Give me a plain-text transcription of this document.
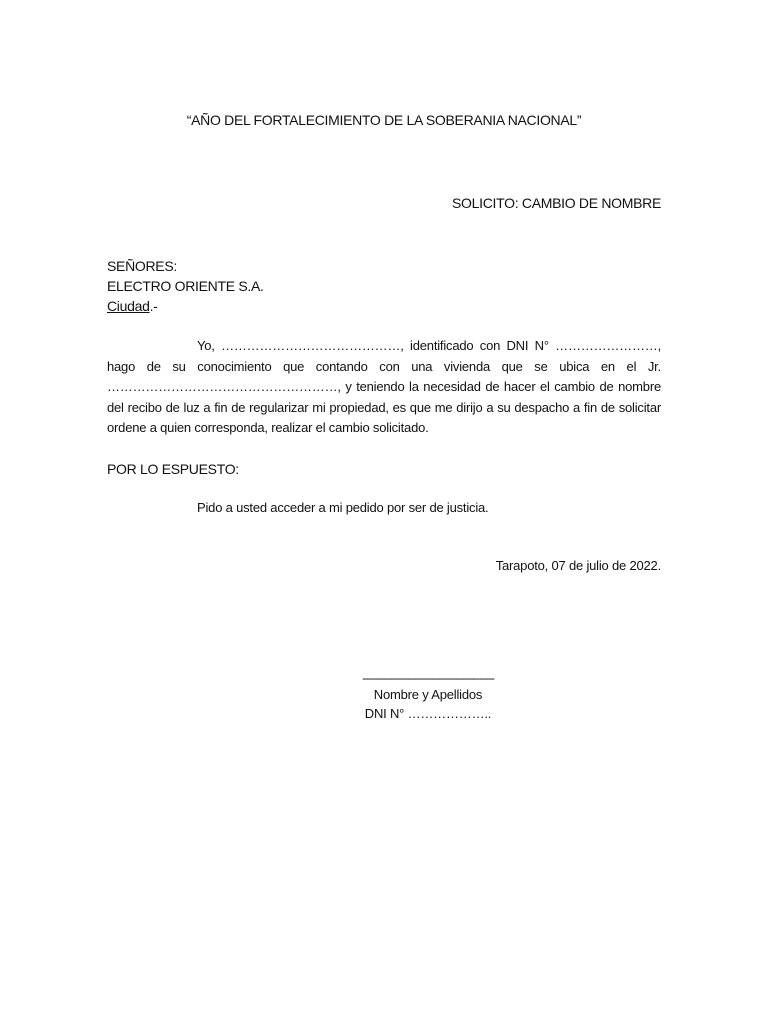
“AÑO DEL FORTALECIMIENTO DE LA SOBERANIA NACIONAL”
SOLICITO: CAMBIO DE NOMBRE
SEÑORES:
ELECTRO ORIENTE S.A.
Ciudad.-
Yo, ……………………………………, identificado con DNI N° ……………………, hago de su conocimiento que contando con una vivienda que se ubica en el Jr. ………………………………………………, y teniendo la necesidad de hacer el cambio de nombre del recibo de luz a fin de regularizar mi propiedad, es que me dirijo a su despacho a fin de solicitar ordene a quien corresponda, realizar el cambio solicitado.
POR LO ESPUESTO:
Pido a usted acceder a mi pedido por ser de justicia.
Tarapoto, 07 de julio de 2022.
--------------------------------------------
Nombre y Apellidos
DNI N° ………………..
